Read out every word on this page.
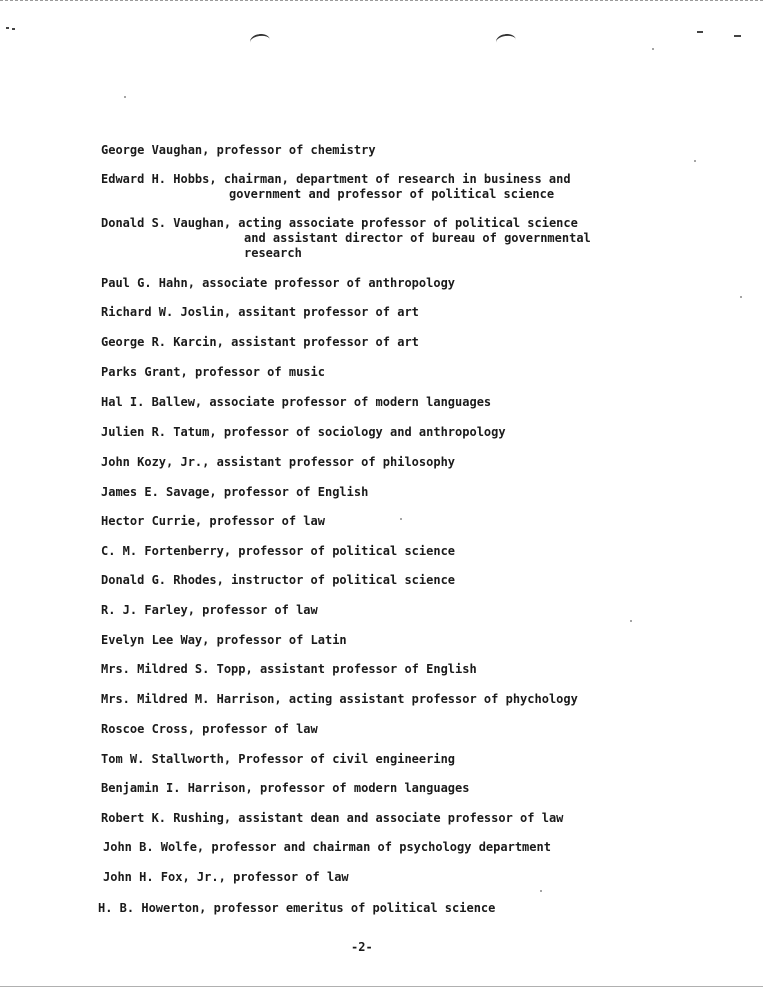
George Vaughan, professor of chemistry
Edward H. Hobbs, chairman, department of research in business and
government and professor of political science
Donald S. Vaughan, acting associate professor of political science
and assistant director of bureau of governmental
research
Paul G. Hahn, associate professor of anthropology
Richard W. Joslin, assitant professor of art
George R. Karcin, assistant professor of art
Parks Grant, professor of music
Hal I. Ballew, associate professor of modern languages
Julien R. Tatum, professor of sociology and anthropology
John Kozy, Jr., assistant professor of philosophy
James E. Savage, professor of English
Hector Currie, professor of law
C. M. Fortenberry, professor of political science
Donald G. Rhodes, instructor of political science
R. J. Farley, professor of law
Evelyn Lee Way, professor of Latin
Mrs. Mildred S. Topp, assistant professor of English
Mrs. Mildred M. Harrison, acting assistant professor of phychology
Roscoe Cross, professor of law
Tom W. Stallworth, Professor of civil engineering
Benjamin I. Harrison, professor of modern languages
Robert K. Rushing, assistant dean and associate professor of law
John B. Wolfe, professor and chairman of psychology department
John H. Fox, Jr., professor of law
H. B. Howerton, professor emeritus of political science
-2-
